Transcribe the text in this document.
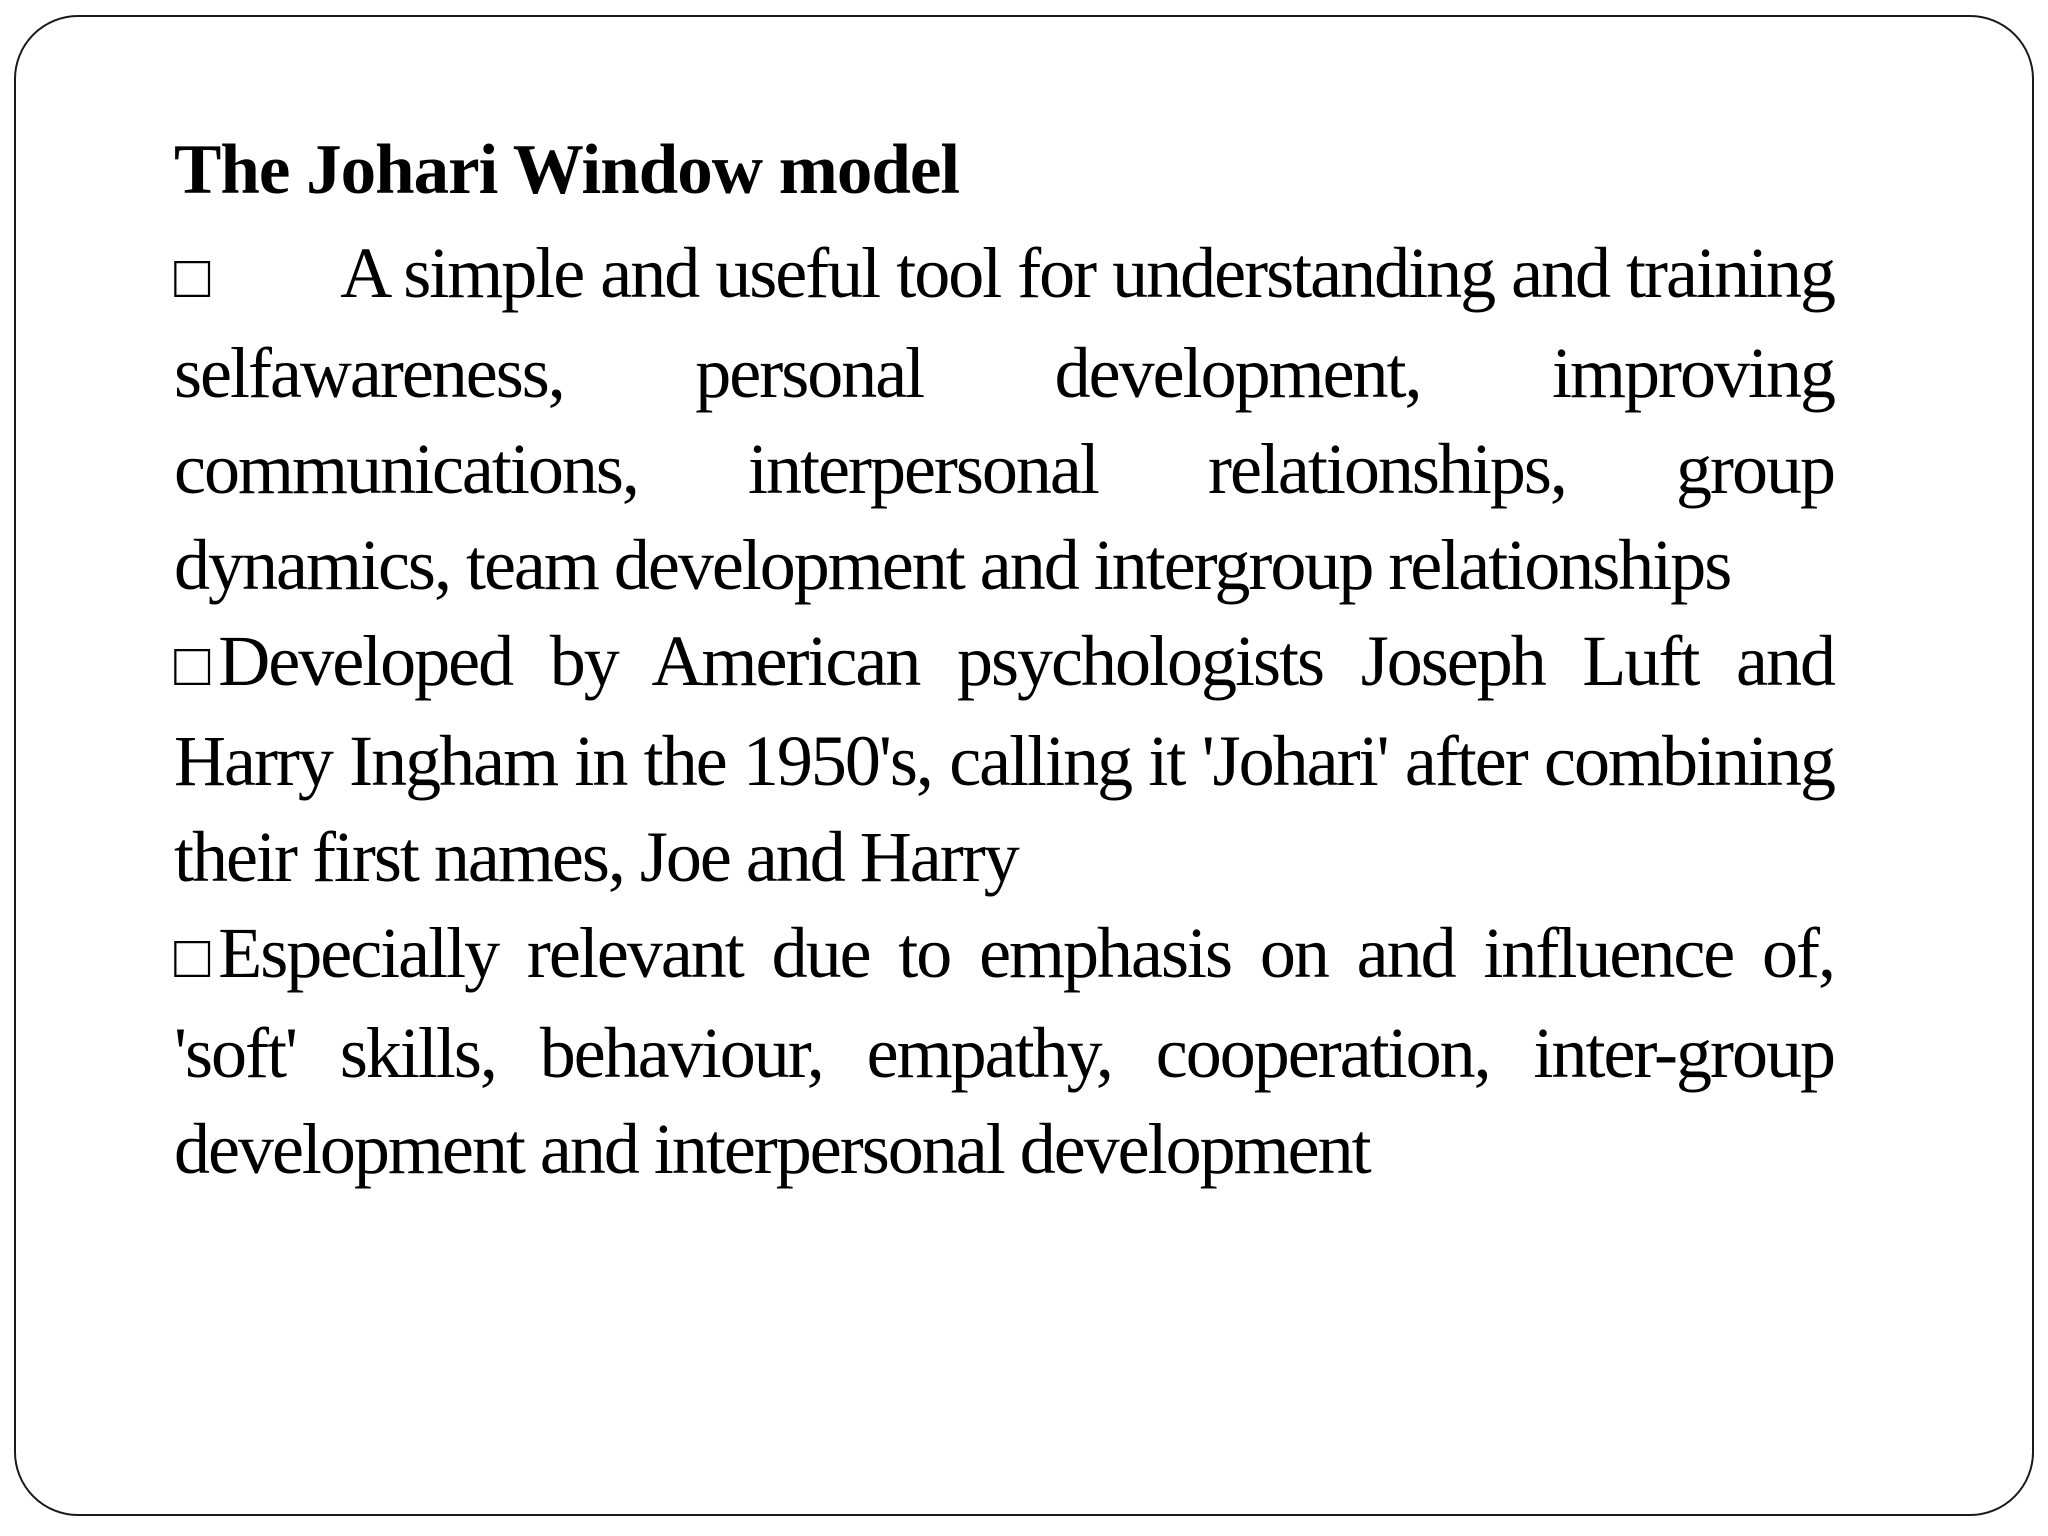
The Johari Window model

□ A simple and useful tool for understanding and training selfawareness, personal development, improving communications, interpersonal relationships, group dynamics, team development and intergroup relationships

□ Developed by American psychologists Joseph Luft and Harry Ingham in the 1950's, calling it 'Johari' after combining their first names, Joe and Harry

□ Especially relevant due to emphasis on and influence of, 'soft' skills, behaviour, empathy, cooperation, inter-group development and interpersonal development
